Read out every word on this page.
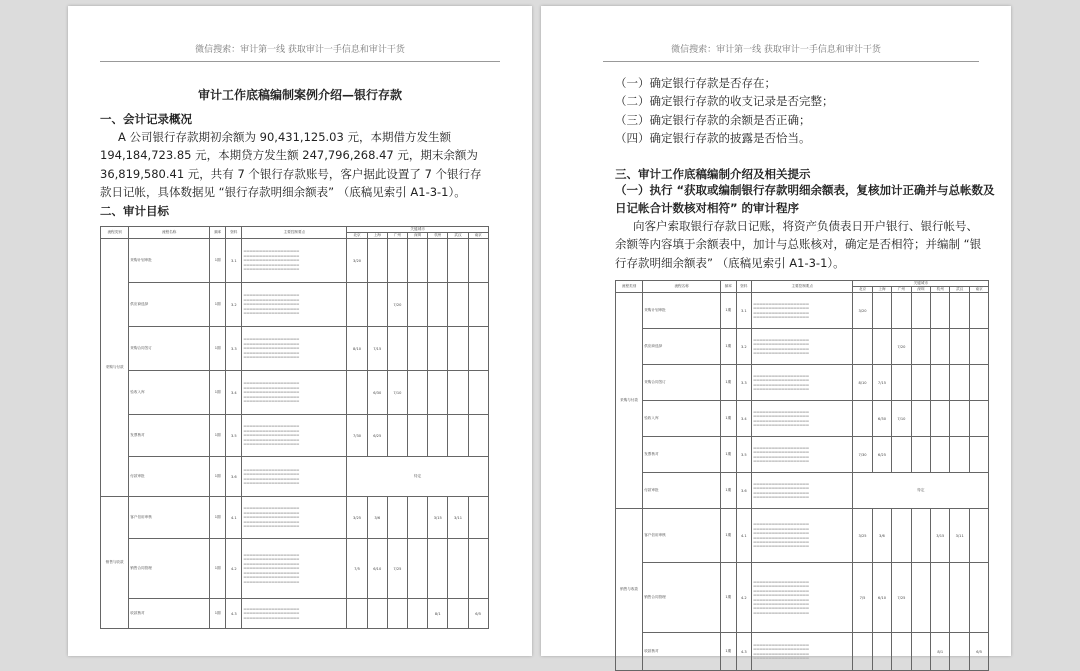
微信搜索：审计第一线 获取审计一手信息和审计干货
审计工作底稿编制案例介绍—银行存款
一、会计记录概况
A 公司银行存款期初余额为 90,431,125.03 元，本期借方发生额
194,184,723.85 元，本期贷方发生额 247,796,268.47 元，期末余额为
36,819,580.41 元，共有 7 个银行存款账号，客户据此设置了 7 个银行存
款日记帐，具体数据见 “银行存款明细余额表” （底稿见索引 A1-3-1）。
二、审计目标
流程类别	流程名称	频率	资料	主要控制要点	关键城市						
					北京	上海	广州	深圳	杭州	武汉	南京
采购与付款	采购计划审批	1期	3.1	▬▬▬▬▬▬▬▬▬▬▬▬▬▬▬▬▬▬ ▬▬▬▬▬▬▬▬▬▬▬▬▬▬▬▬▬▬ ▬▬▬▬▬▬▬▬▬▬▬▬▬▬▬▬▬▬ ▬▬▬▬▬▬▬▬▬▬▬▬▬▬▬▬▬▬ ▬▬▬▬▬▬▬▬▬▬▬▬▬▬▬▬▬▬	3/20						
	供应商选择	1期	3.2	▬▬▬▬▬▬▬▬▬▬▬▬▬▬▬▬▬▬ ▬▬▬▬▬▬▬▬▬▬▬▬▬▬▬▬▬▬ ▬▬▬▬▬▬▬▬▬▬▬▬▬▬▬▬▬▬ ▬▬▬▬▬▬▬▬▬▬▬▬▬▬▬▬▬▬ ▬▬▬▬▬▬▬▬▬▬▬▬▬▬▬▬▬▬			7/20				
	采购合同签订	1期	3.3	▬▬▬▬▬▬▬▬▬▬▬▬▬▬▬▬▬▬ ▬▬▬▬▬▬▬▬▬▬▬▬▬▬▬▬▬▬ ▬▬▬▬▬▬▬▬▬▬▬▬▬▬▬▬▬▬ ▬▬▬▬▬▬▬▬▬▬▬▬▬▬▬▬▬▬ ▬▬▬▬▬▬▬▬▬▬▬▬▬▬▬▬▬▬	8/10	7/15					
	验收入库	1期	3.4	▬▬▬▬▬▬▬▬▬▬▬▬▬▬▬▬▬▬ ▬▬▬▬▬▬▬▬▬▬▬▬▬▬▬▬▬▬ ▬▬▬▬▬▬▬▬▬▬▬▬▬▬▬▬▬▬ ▬▬▬▬▬▬▬▬▬▬▬▬▬▬▬▬▬▬ ▬▬▬▬▬▬▬▬▬▬▬▬▬▬▬▬▬▬		6/30	7/10				
	发票核对	1期	3.5	▬▬▬▬▬▬▬▬▬▬▬▬▬▬▬▬▬▬ ▬▬▬▬▬▬▬▬▬▬▬▬▬▬▬▬▬▬ ▬▬▬▬▬▬▬▬▬▬▬▬▬▬▬▬▬▬ ▬▬▬▬▬▬▬▬▬▬▬▬▬▬▬▬▬▬ ▬▬▬▬▬▬▬▬▬▬▬▬▬▬▬▬▬▬	7/30	6/25					
	付款审批	1期	3.6	▬▬▬▬▬▬▬▬▬▬▬▬▬▬▬▬▬▬ ▬▬▬▬▬▬▬▬▬▬▬▬▬▬▬▬▬▬ ▬▬▬▬▬▬▬▬▬▬▬▬▬▬▬▬▬▬ ▬▬▬▬▬▬▬▬▬▬▬▬▬▬▬▬▬▬	待定						
销售与收款	客户信用审核	1期	4.1	▬▬▬▬▬▬▬▬▬▬▬▬▬▬▬▬▬▬ ▬▬▬▬▬▬▬▬▬▬▬▬▬▬▬▬▬▬ ▬▬▬▬▬▬▬▬▬▬▬▬▬▬▬▬▬▬ ▬▬▬▬▬▬▬▬▬▬▬▬▬▬▬▬▬▬ ▬▬▬▬▬▬▬▬▬▬▬▬▬▬▬▬▬▬	3/25	3/6			3/15	3/11	
	销售合同管理	1期	4.2	▬▬▬▬▬▬▬▬▬▬▬▬▬▬▬▬▬▬ ▬▬▬▬▬▬▬▬▬▬▬▬▬▬▬▬▬▬ ▬▬▬▬▬▬▬▬▬▬▬▬▬▬▬▬▬▬ ▬▬▬▬▬▬▬▬▬▬▬▬▬▬▬▬▬▬ ▬▬▬▬▬▬▬▬▬▬▬▬▬▬▬▬▬▬ ▬▬▬▬▬▬▬▬▬▬▬▬▬▬▬▬▬▬ ▬▬▬▬▬▬▬▬▬▬▬▬▬▬▬▬▬▬	7/5	6/10	7/25				
	收款核对	1期	4.3	▬▬▬▬▬▬▬▬▬▬▬▬▬▬▬▬▬▬ ▬▬▬▬▬▬▬▬▬▬▬▬▬▬▬▬▬▬ ▬▬▬▬▬▬▬▬▬▬▬▬▬▬▬▬▬▬					8/1		6/5
微信搜索：审计第一线 获取审计一手信息和审计干货
（一）确定银行存款是否存在；
（二）确定银行存款的收支记录是否完整；
（三）确定银行存款的余额是否正确；
（四）确定银行存款的披露是否恰当。
三、审计工作底稿编制介绍及相关提示
（一）执行 “获取或编制银行存款明细余额表，复核加计正确并与总帐数及
日记帐合计数核对相符” 的审计程序
向客户索取银行存款日记账，将资产负债表日开户银行、银行帐号、
余额等内容填于余额表中，加计与总账核对，确定是否相符；并编制 “银
行存款明细余额表” （底稿见索引 A1-3-1）。
流程类别	流程名称	频率	资料	主要控制要点	关键城市						
					北京	上海	广州	深圳	杭州	武汉	南京
采购与付款	采购计划审批	1期	3.1	▬▬▬▬▬▬▬▬▬▬▬▬▬▬▬▬▬▬ ▬▬▬▬▬▬▬▬▬▬▬▬▬▬▬▬▬▬ ▬▬▬▬▬▬▬▬▬▬▬▬▬▬▬▬▬▬ ▬▬▬▬▬▬▬▬▬▬▬▬▬▬▬▬▬▬	3/20						
	供应商选择	1期	3.2	▬▬▬▬▬▬▬▬▬▬▬▬▬▬▬▬▬▬ ▬▬▬▬▬▬▬▬▬▬▬▬▬▬▬▬▬▬ ▬▬▬▬▬▬▬▬▬▬▬▬▬▬▬▬▬▬ ▬▬▬▬▬▬▬▬▬▬▬▬▬▬▬▬▬▬			7/20				
	采购合同签订	1期	3.3	▬▬▬▬▬▬▬▬▬▬▬▬▬▬▬▬▬▬ ▬▬▬▬▬▬▬▬▬▬▬▬▬▬▬▬▬▬ ▬▬▬▬▬▬▬▬▬▬▬▬▬▬▬▬▬▬ ▬▬▬▬▬▬▬▬▬▬▬▬▬▬▬▬▬▬	8/10	7/15					
	验收入库	1期	3.4	▬▬▬▬▬▬▬▬▬▬▬▬▬▬▬▬▬▬ ▬▬▬▬▬▬▬▬▬▬▬▬▬▬▬▬▬▬ ▬▬▬▬▬▬▬▬▬▬▬▬▬▬▬▬▬▬ ▬▬▬▬▬▬▬▬▬▬▬▬▬▬▬▬▬▬		6/30	7/10				
	发票核对	1期	3.5	▬▬▬▬▬▬▬▬▬▬▬▬▬▬▬▬▬▬ ▬▬▬▬▬▬▬▬▬▬▬▬▬▬▬▬▬▬ ▬▬▬▬▬▬▬▬▬▬▬▬▬▬▬▬▬▬ ▬▬▬▬▬▬▬▬▬▬▬▬▬▬▬▬▬▬	7/30	6/25					
	付款审批	1期	3.6	▬▬▬▬▬▬▬▬▬▬▬▬▬▬▬▬▬▬ ▬▬▬▬▬▬▬▬▬▬▬▬▬▬▬▬▬▬ ▬▬▬▬▬▬▬▬▬▬▬▬▬▬▬▬▬▬ ▬▬▬▬▬▬▬▬▬▬▬▬▬▬▬▬▬▬	待定						
销售与收款	客户信用审核	1期	4.1	▬▬▬▬▬▬▬▬▬▬▬▬▬▬▬▬▬▬ ▬▬▬▬▬▬▬▬▬▬▬▬▬▬▬▬▬▬ ▬▬▬▬▬▬▬▬▬▬▬▬▬▬▬▬▬▬ ▬▬▬▬▬▬▬▬▬▬▬▬▬▬▬▬▬▬ ▬▬▬▬▬▬▬▬▬▬▬▬▬▬▬▬▬▬ ▬▬▬▬▬▬▬▬▬▬▬▬▬▬▬▬▬▬	3/25	3/6			3/15	3/11	
	销售合同管理	1期	4.2	▬▬▬▬▬▬▬▬▬▬▬▬▬▬▬▬▬▬ ▬▬▬▬▬▬▬▬▬▬▬▬▬▬▬▬▬▬ ▬▬▬▬▬▬▬▬▬▬▬▬▬▬▬▬▬▬ ▬▬▬▬▬▬▬▬▬▬▬▬▬▬▬▬▬▬ ▬▬▬▬▬▬▬▬▬▬▬▬▬▬▬▬▬▬ ▬▬▬▬▬▬▬▬▬▬▬▬▬▬▬▬▬▬ ▬▬▬▬▬▬▬▬▬▬▬▬▬▬▬▬▬▬ ▬▬▬▬▬▬▬▬▬▬▬▬▬▬▬▬▬▬	7/5	6/10	7/25				
	收款核对	1期	4.3	▬▬▬▬▬▬▬▬▬▬▬▬▬▬▬▬▬▬ ▬▬▬▬▬▬▬▬▬▬▬▬▬▬▬▬▬▬ ▬▬▬▬▬▬▬▬▬▬▬▬▬▬▬▬▬▬ ▬▬▬▬▬▬▬▬▬▬▬▬▬▬▬▬▬▬					8/1		6/5
